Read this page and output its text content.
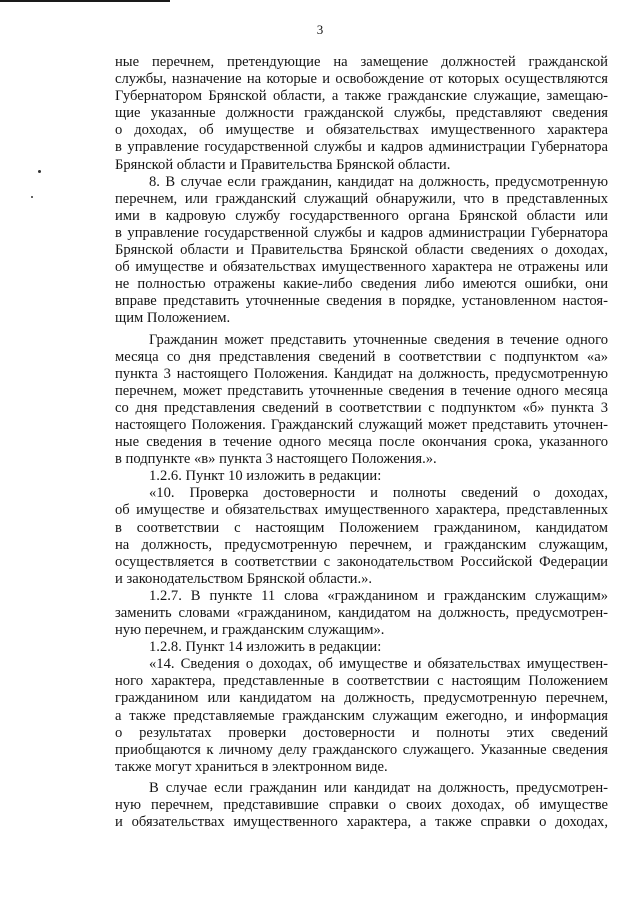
3
ные перечнем, претендующие на замещение должностей гражданской
службы, назначение на которые и освобождение от которых осуществляются
Губернатором Брянской области, а также гражданские служащие, замещаю-
щие указанные должности гражданской службы, представляют сведения
о доходах, об имуществе и обязательствах имущественного характера
в управление государственной службы и кадров администрации Губернатора
Брянской области и Правительства Брянской области.
8. В случае если гражданин, кандидат на должность, предусмотренную
перечнем, или гражданский служащий обнаружили, что в представленных
ими в кадровую службу государственного органа Брянской области или
в управление государственной службы и кадров администрации Губернатора
Брянской области и Правительства Брянской области сведениях о доходах,
об имуществе и обязательствах имущественного характера не отражены или
не полностью отражены какие-либо сведения либо имеются ошибки, они
вправе представить уточненные сведения в порядке, установленном настоя-
щим Положением.
Гражданин может представить уточненные сведения в течение одного
месяца со дня представления сведений в соответствии с подпунктом «а»
пункта 3 настоящего Положения. Кандидат на должность, предусмотренную
перечнем, может представить уточненные сведения в течение одного месяца
со дня представления сведений в соответствии с подпунктом «б» пункта 3
настоящего Положения. Гражданский служащий может представить уточнен-
ные сведения в течение одного месяца после окончания срока, указанного
в подпункте «в» пункта 3 настоящего Положения.».
1.2.6. Пункт 10 изложить в редакции:
«10. Проверка достоверности и полноты сведений о доходах,
об имуществе и обязательствах имущественного характера, представленных
в соответствии с настоящим Положением гражданином, кандидатом
на должность, предусмотренную перечнем, и гражданским служащим,
осуществляется в соответствии с законодательством Российской Федерации
и законодательством Брянской области.».
1.2.7. В пункте 11 слова «гражданином и гражданским служащим»
заменить словами «гражданином, кандидатом на должность, предусмотрен-
ную перечнем, и гражданским служащим».
1.2.8. Пункт 14 изложить в редакции:
«14. Сведения о доходах, об имуществе и обязательствах имуществен-
ного характера, представленные в соответствии с настоящим Положением
гражданином или кандидатом на должность, предусмотренную перечнем,
а также представляемые гражданским служащим ежегодно, и информация
о результатах проверки достоверности и полноты этих сведений
приобщаются к личному делу гражданского служащего. Указанные сведения
также могут храниться в электронном виде.
В случае если гражданин или кандидат на должность, предусмотрен-
ную перечнем, представившие справки о своих доходах, об имуществе
и обязательствах имущественного характера, а также справки о доходах,
